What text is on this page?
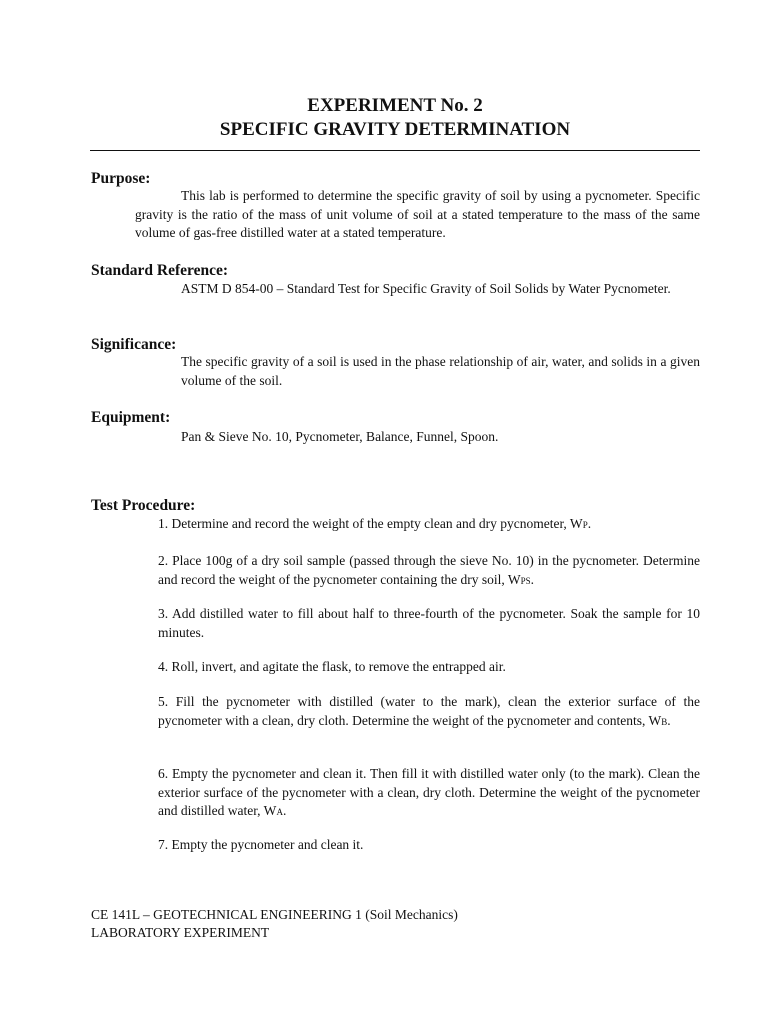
EXPERIMENT No. 2
SPECIFIC GRAVITY DETERMINATION
Purpose:
This lab is performed to determine the specific gravity of soil by using a pycnometer. Specific gravity is the ratio of the mass of unit volume of soil at a stated temperature to the mass of the same volume of gas-free distilled water at a stated temperature.
Standard Reference:
ASTM D 854-00 – Standard Test for Specific Gravity of Soil Solids by Water Pycnometer.
Significance:
The specific gravity of a soil is used in the phase relationship of air, water, and solids in a given volume of the soil.
Equipment:
Pan & Sieve No. 10, Pycnometer, Balance, Funnel, Spoon.
Test Procedure:
1. Determine and record the weight of the empty clean and dry pycnometer, WP.
2. Place 100g of a dry soil sample (passed through the sieve No. 10) in the pycnometer. Determine and record the weight of the pycnometer containing the dry soil, WPS.
3. Add distilled water to fill about half to three-fourth of the pycnometer. Soak the sample for 10 minutes.
4. Roll, invert, and agitate the flask, to remove the entrapped air.
5. Fill the pycnometer with distilled (water to the mark), clean the exterior surface of the pycnometer with a clean, dry cloth. Determine the weight of the pycnometer and contents, WB.
6. Empty the pycnometer and clean it. Then fill it with distilled water only (to the mark). Clean the exterior surface of the pycnometer with a clean, dry cloth. Determine the weight of the pycnometer and distilled water, WA.
7. Empty the pycnometer and clean it.
CE 141L – GEOTECHNICAL ENGINEERING 1 (Soil Mechanics)
LABORATORY EXPERIMENT
